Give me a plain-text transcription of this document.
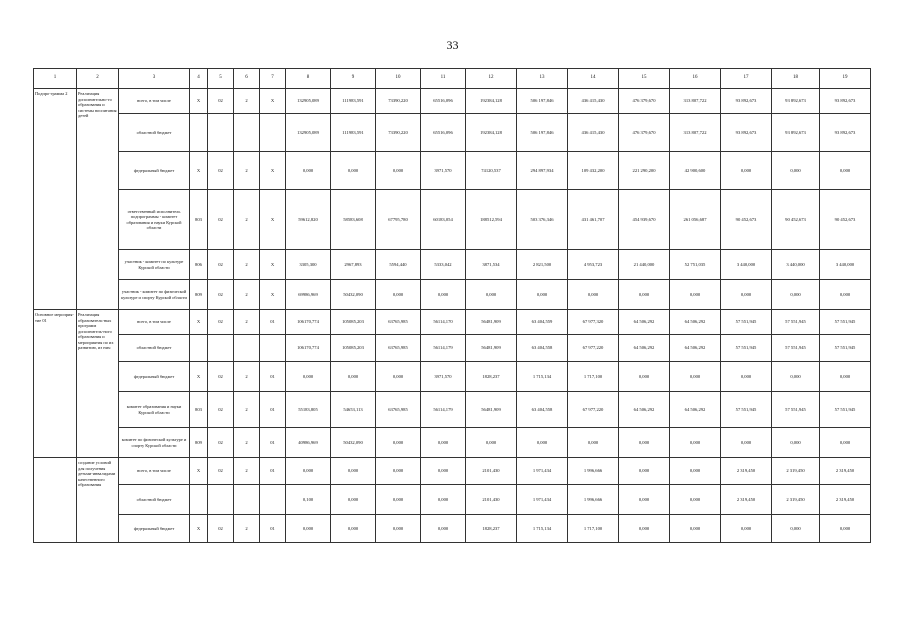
33
1	2	3	4	5	6	7	8	9	10	11	12	13	14	15	16	17	18	19
Подпро-грамма 2	Реализация дополнительно-го образования и системы воспитания детей	всего, в том числе	Х	02	2	Х	132905,089	111983,591	73390,220	65516,096	192384,128	506 197,846	436 415,430	476 379,670	313 807,722	93 892,673	93 892,673	93 892,673
		областной бюджет					132905,089	111983,591	73390,220	65516,096	192384,128	506 197,846	436 415,430	476 379,670	313 807,722	93 892,673	93 892,673	93 892,673
		федеральный бюджет	Х	02	2	Х	0,000	0,000	0,000	3971,570	74120,537	294 897,934	109 432,200	221 290,200	42 900,600	0,000	0,000	0,000
		ответственный исполнитель подпрограммы - комитет образования и науки Курской области	803	02	2	Х	59612,820	58583,608	67795,780	60183,054	188512,594	503 376,346	431 461,707	454 939,670	261 056,687	90 452,673	90 452,673	90 452,673
		участник - комитет по культуре Курской области	806	02	2	Х	3305,300	2967,893	5594,440	5333,042	3871,534	2 821,500	4 953,723	21 440,000	52 751,035	3 440,000	3 440,000	3 440,000
		участник - комитет по физической культуре и спорту Курской области	809	02	2	Х	69986,969	50432,090	0,000	0,000	0,000	0,000	0,000	0,000	0,000	0,000	0,000	0,000
Основное мероприя-тие 01	Реализация образователь-ных программ дополнитель-ного образования и мероприятия по их развитию, из них:	всего, в том числе	Х	02	2	01	106170,774	105085,203	63765,985	56114,170	56481,909	63 404,559	67 977,320	64 506,292	64 506,292	57 551,945	57 551,945	57 551,945
		областной бюджет					106170,774	105085,203	63765,985	56114,179	56481,909	63 404,558	67 977,220	64 506,292	64 506,292	57 551,945	57 551,945	57 551,945
		федеральный бюджет	Х	02	2	01	0,000	0,000	0,000	3971,570	1828,237	1 715,134	1 717,100	0,000	0,000	0,000	0,000	0,000
		комитет образования и науки Курской области	803	02	2	01	55183,805	54653,113	63765,985	56114,179	56481,909	63 404,558	67 977,220	64 506,292	64 506,292	57 551,945	57 551,945	57 551,945
		комитет по физической культуре и спорту Курской области	809	02	2	01	40986,969	50432,090	0,000	0,000	0,000	0,000	0,000	0,000	0,000	0,000	0,000	0,000
	создание условий для получения детьми-инвалидами качественного образования	всего, в том числе	Х	02	2	01	0,000	0,000	0,000	0,000	2101,430	1 971,434	1 996,666	0,000	0,000	2 319,450	2 319,450	2 319,450
		областной бюджет					0,100	0,000	0,000	0,000	2101,430	1 971,434	1 996,666	0,000	0,000	2 319,450	2 319,450	2 319,450
		федеральный бюджет	Х	02	2	01	0,000	0,000	0,000	0,000	1828,237	1 715,134	1 717,100	0,000	0,000	0,000	0,000	0,000
